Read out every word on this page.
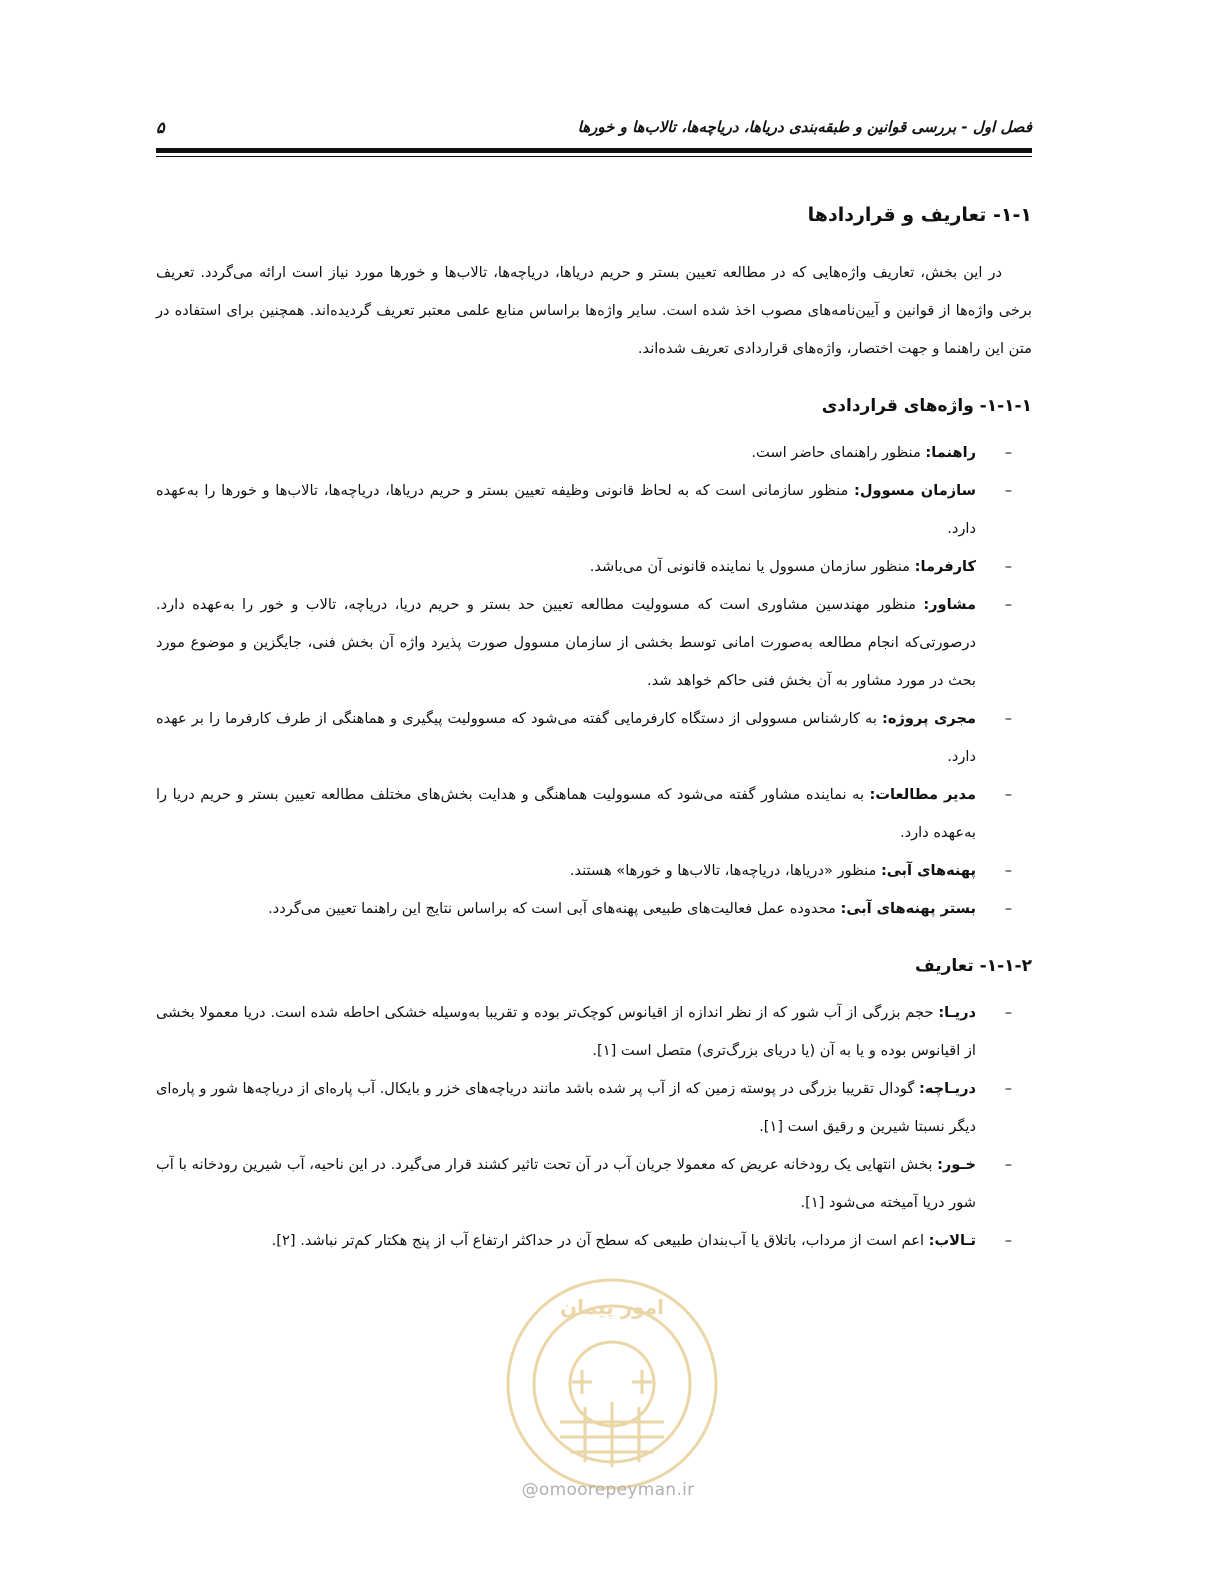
فصل اول - بررسی قوانین و طبقه‌بندی دریاها، دریاچه‌ها، تالاب‌ها و خورها
۵
۱-۱- تعاریف و قراردادها

در این بخش، تعاریف واژه‌هایی که در مطالعه تعیین بستر و حریم دریاها، دریاچه‌ها، تالاب‌ها و خورها مورد نیاز است ارائه می‌گردد. تعریف برخی واژه‌ها از قوانین و آیین‌نامه‌های مصوب اخذ شده است. سایر واژه‌ها براساس منابع علمی معتبر تعریف گردیده‌اند. همچنین برای استفاده در متن این راهنما و جهت اختصار، واژه‌های قراردادی تعریف شده‌اند.

۱-۱-۱- واژه‌های قراردادی
–
راهنما: منظور راهنمای حاضر است.
–
سازمان مسوول: منظور سازمانی است که به لحاظ قانونی وظیفه تعیین بستر و حریم دریاها، دریاچه‌ها، تالاب‌ها و خورها را به‌عهده دارد.
–
کارفرما: منظور سازمان مسوول یا نماینده قانونی آن می‌باشد.
–
مشاور: منظور مهندسین مشاوری است که مسوولیت مطالعه تعیین حد بستر و حریم دریا، دریاچه، تالاب و خور را به‌عهده دارد. درصورتی‌که انجام مطالعه به‌صورت امانی توسط بخشی از سازمان مسوول صورت پذیرد واژه آن بخش فنی، جایگزین و موضوع مورد بحث در مورد مشاور به آن بخش فنی حاکم خواهد شد.
–
مجری پروژه: به کارشناس مسوولی از دستگاه کارفرمایی گفته می‌شود که مسوولیت پیگیری و هماهنگی از طرف کارفرما را بر عهده دارد.
–
مدیر مطالعات: به نماینده مشاور گفته می‌شود که مسوولیت هماهنگی و هدایت بخش‌های مختلف مطالعه تعیین بستر و حریم دریا را به‌عهده دارد.
–
پهنه‌های آبی: منظور «دریاها، دریاچه‌ها، تالاب‌ها و خورها» هستند.
–
بستر پهنه‌های آبی: محدوده عمل فعالیت‌های طبیعی پهنه‌های آبی است که براساس نتایج این راهنما تعیین می‌گردد.
۱-۱-۲- تعاریف
–
دریـا: حجم بزرگی از آب شور که از نظر اندازه از اقیانوس کوچک‌تر بوده و تقریبا به‌وسیله خشکی احاطه شده است. دریا معمولا بخشی از اقیانوس بوده و یا به آن (یا دریای بزرگ‌تری) متصل است [۱].
–
دریـاچه: گودال تقریبا بزرگی در پوسته زمین که از آب پر شده باشد مانند دریاچه‌های خزر و بایکال. آب پاره‌ای از دریاچه‌ها شور و پاره‌ای دیگر نسبتا شیرین و رقیق است [۱].
–
خـور: بخش انتهایی یک رودخانه عریض که معمولا جریان آب در آن تحت تاثیر کشند قرار می‌گیرد. در این ناحیه، آب شیرین رودخانه با آب شور دریا آمیخته می‌شود [۱].
–
تـالاب: اعم است از مرداب، باتلاق یا آب‌بندان طبیعی که سطح آن در حداکثر ارتفاع آب از پنج هکتار کم‌تر نباشد. [۲].
امور پیمان
@omoorepeyman.ir
